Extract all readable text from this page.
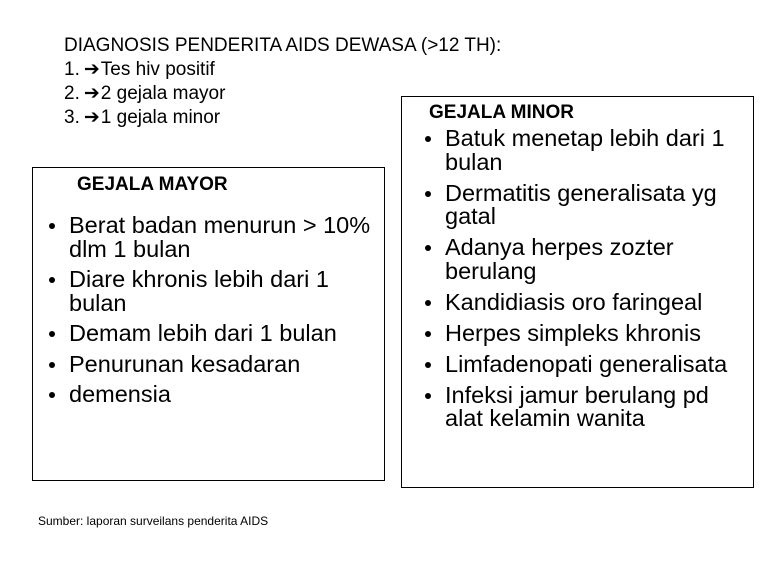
DIAGNOSIS PENDERITA AIDS DEWASA (>12 TH):
1. ➔Tes hiv positif
2. ➔2 gejala mayor
3. ➔1 gejala minor
GEJALA MAYOR
Berat badan menurun > 10% dlm 1 bulan
Diare khronis lebih dari 1 bulan
Demam lebih dari 1 bulan
Penurunan kesadaran
demensia
GEJALA MINOR
Batuk menetap lebih dari 1 bulan
Dermatitis generalisata yg gatal
Adanya herpes zozter berulang
Kandidiasis oro faringeal
Herpes simpleks khronis
Limfadenopati generalisata
Infeksi jamur berulang pd alat kelamin wanita
Sumber: laporan surveilans penderita AIDS
